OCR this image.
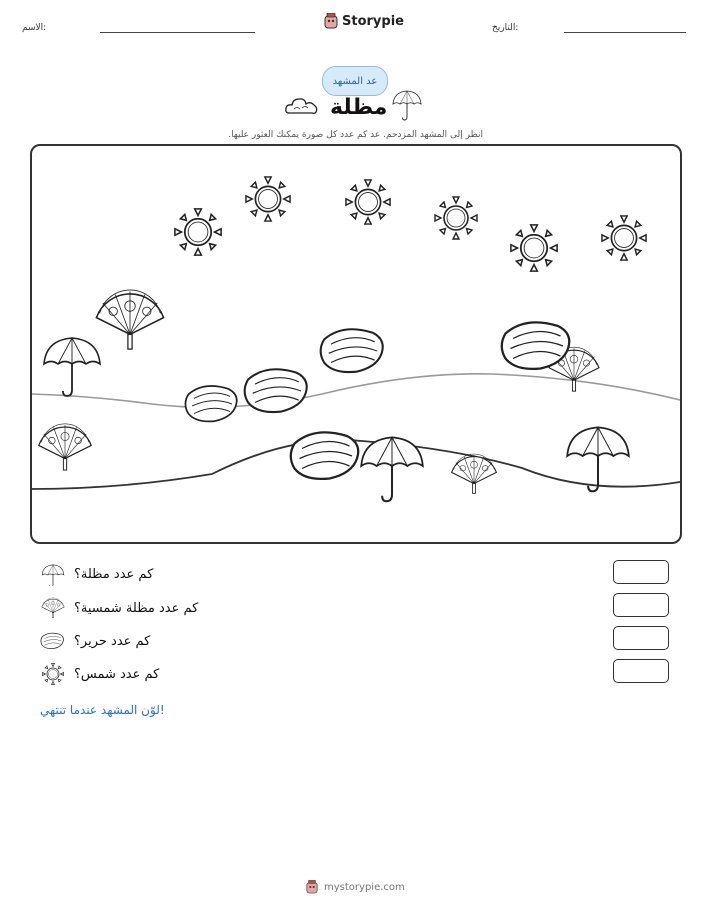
الاسم:	Storypie	التاريخ:
عد المشهد
مظلة
انظر إلى المشهد المزدحم. عد كم عدد كل صورة يمكنك العثور عليها.
كم عدد مظلة؟
كم عدد مظلة شمسية؟
كم عدد حرير؟
كم عدد شمس؟
لوّن المشهد عندما تنتهي!
mystorypie.com
